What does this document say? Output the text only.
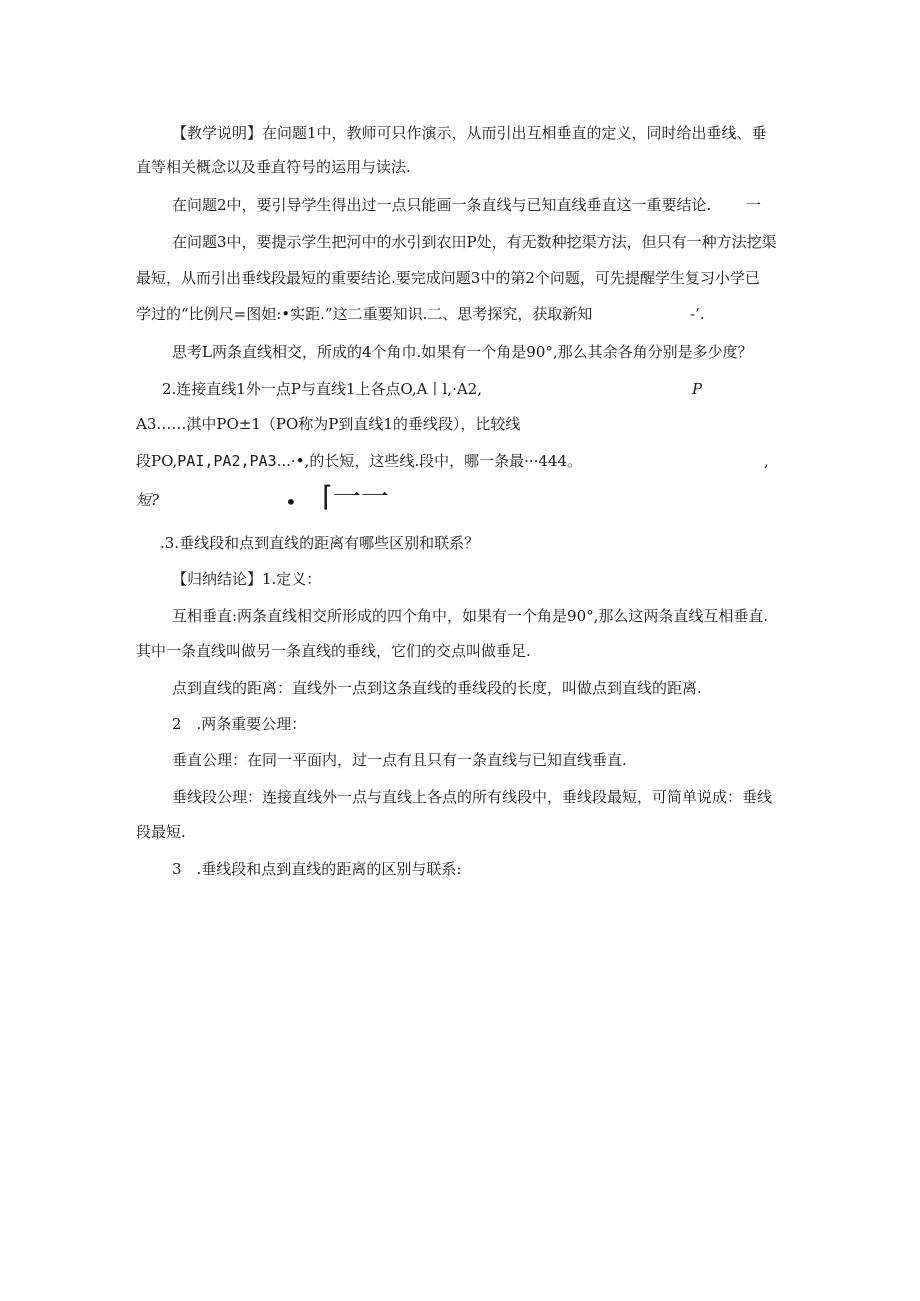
【教学说明】在问题1中，教师可只作演示，从而引出互相垂直的定义，同时给出垂线、垂
直等相关概念以及垂直符号的运用与读法.
在问题2中，要引导学生得出过一点只能画一条直线与已知直线垂直这一重要结论. 一
在问题3中，要提示学生把河中的水引到农田P处，有无数种挖渠方法，但只有一种方法挖渠
最短，从而引出垂线段最短的重要结论.要完成问题3中的第2个问题，可先提醒学生复习小学已
学过的“比例尺=图妲:•实距.”这二重要知识.二、思考探究，获取新知	-’.
思考L两条直线相交，所成的4个角巾.如果有一个角是90°,那么其余各角分别是多少度？
2.连接直线1外一点P与直线1上各点O,A丨l,·A2,	P
A3……淇中PO±1（PO称为P到直线1的垂线段），比较线
段PO,PAI,PA2,PA3...·•,的长短，这些线.段中，哪一条最···444。	,
短?	• ⌈一一
.3.垂线段和点到直线的距离有哪些区别和联系？
【归纳结论】1.定义：
互相垂直:两条直线相交所形成的四个角中，如果有一个角是90°,那么这两条直线互相垂直.
其中一条直线叫做另一条直线的垂线，它们的交点叫做垂足.
点到直线的距离：直线外一点到这条直线的垂线段的长度，叫做点到直线的距离.
2　.两条重要公理：
垂直公理：在同一平面内，过一点有且只有一条直线与已知直线垂直.
垂线段公理：连接直线外一点与直线上各点的所有线段中，垂线段最短，可简单说成：垂线
段最短.
3　.垂线段和点到直线的距离的区别与联系:
